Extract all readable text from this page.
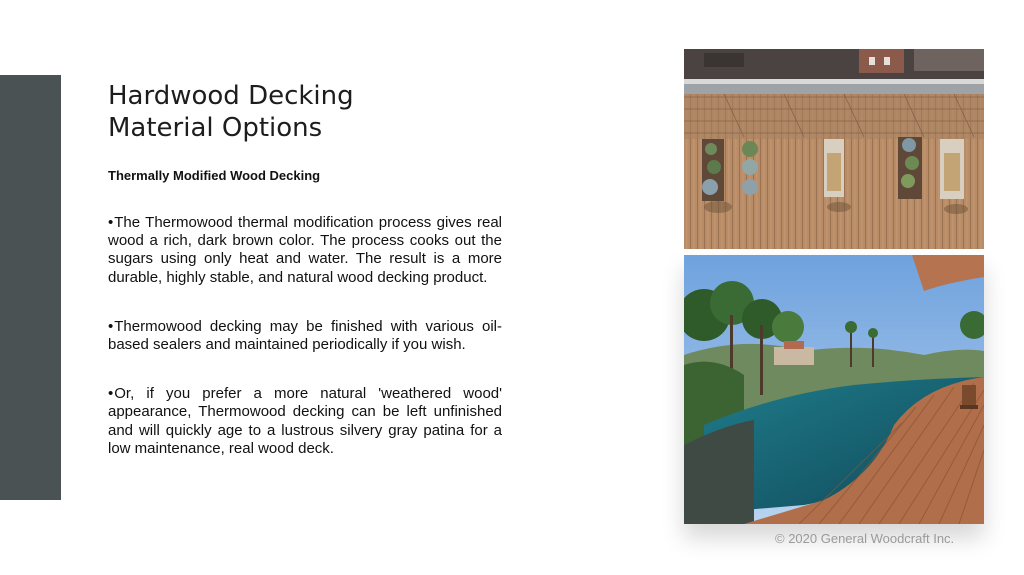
Hardwood Decking
Material Options
Thermally Modified Wood Decking

•The Thermowood thermal modification process gives real wood a rich, dark brown color. The process cooks out the sugars using only heat and water. The result is a more durable, highly stable, and natural wood decking product.

•Thermowood decking may be finished with various oil-based sealers and maintained periodically if you wish.

•Or, if you prefer a more natural 'weathered wood' appearance, Thermowood decking can be left unfinished and will quickly age to a lustrous silvery gray patina for a low maintenance, real wood deck.

© 2020 General Woodcraft Inc.
